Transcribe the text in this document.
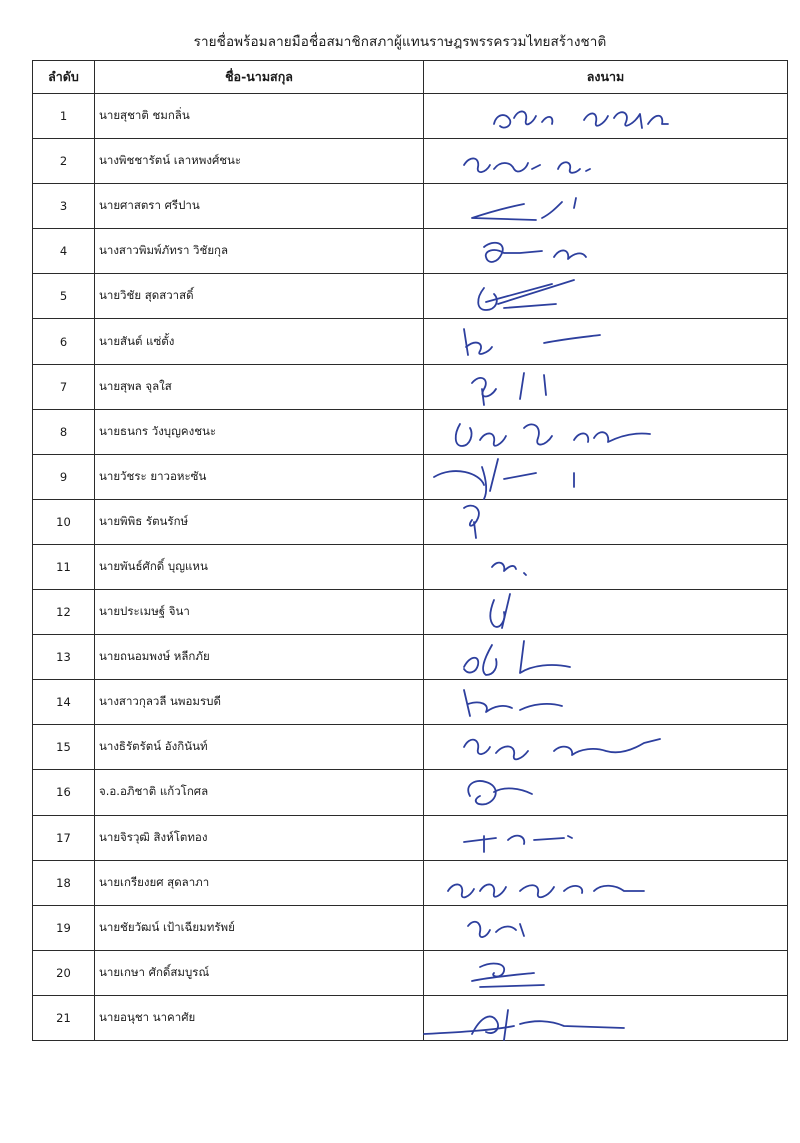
รายชื่อพร้อมลายมือชื่อสมาชิกสภาผู้แทนราษฎรพรรครวมไทยสร้างชาติ
ลำดับ	ชื่อ-นามสกุล	ลงนาม
1	นายสุชาติ ชมกลิ่น	

2	นางพิชชารัตน์ เลาหพงศ์ชนะ	

3	นายศาสตรา ศรีปาน	

4	นางสาวพิมพ์ภัทรา วิชัยกุล	

5	นายวิชัย สุดสวาสดิ์	

6	นายสันต์ แซ่ตั้ง	

7	นายสุพล จุลใส	

8	นายธนกร วังบุญคงชนะ	

9	นายวัชระ ยาวอหะซัน	

10	นายพิพิธ รัตนรักษ์	

11	นายพันธ์ศักดิ์ บุญแหน	

12	นายประเมษฐ์ จินา	

13	นายถนอมพงษ์ หลีกภัย	

14	นางสาวกุลวลี นพอมรบดี	

15	นางธิรัตรัตน์ อังกินันท์	

16	จ.อ.อภิชาติ แก้วโกศล	

17	นายจิรวุฒิ สิงห์โตทอง	

18	นายเกรียงยศ สุดลาภา	

19	นายชัยวัฒน์ เป้าเฉียมทรัพย์	

20	นายเกษา ศักดิ์สมบูรณ์	

21	นายอนุชา นาคาศัย	
